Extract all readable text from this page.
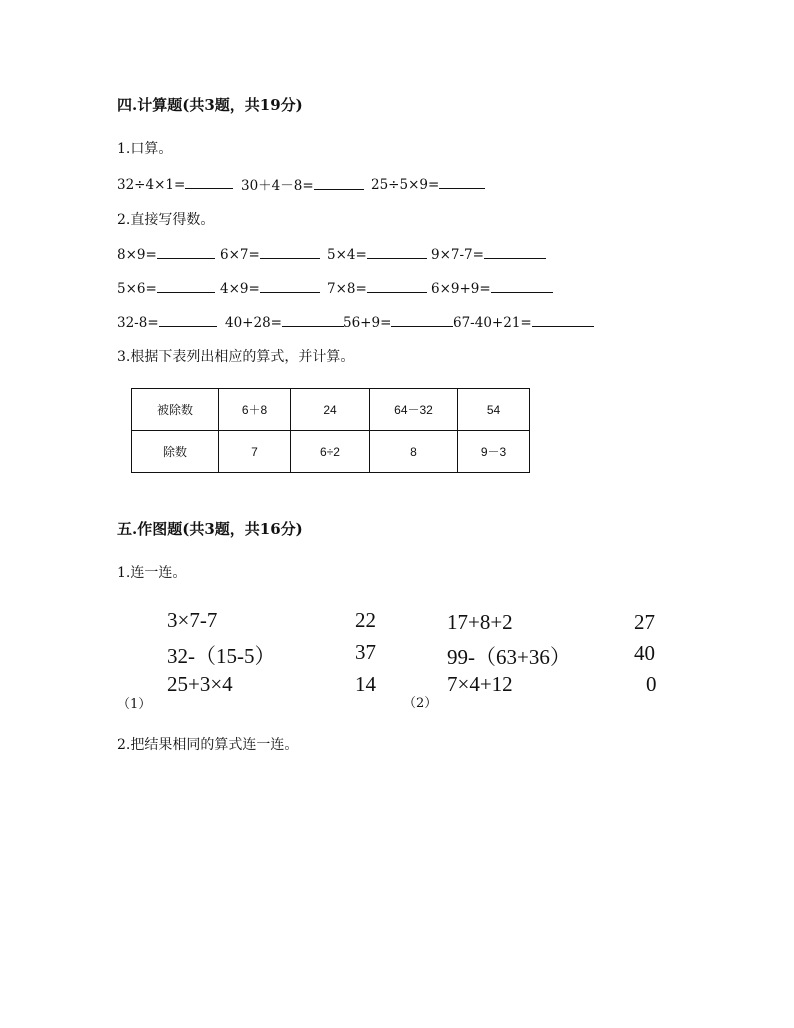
四.计算题(共3题，共19分)
1.口算。
32÷4×1=	30＋4－8=	25÷5×9=
2.直接写得数。
8×9=	6×7=	5×4=	9×7-7=
5×6=	4×9=	7×8=	6×9+9=
32-8=	40+28=	56+9=	67-40+21=
3.根据下表列出相应的算式，并计算。
被除数	6＋8	24	64－32	54
除数	7	6÷2	8	9－3
五.作图题(共3题，共16分)
1.连一连。
3×7-7
32-（15-5）
25+3×4
22
37
14
（1）
17+8+2
99-（63+36）
7×4+12
27
40
0
（2）
2.把结果相同的算式连一连。
